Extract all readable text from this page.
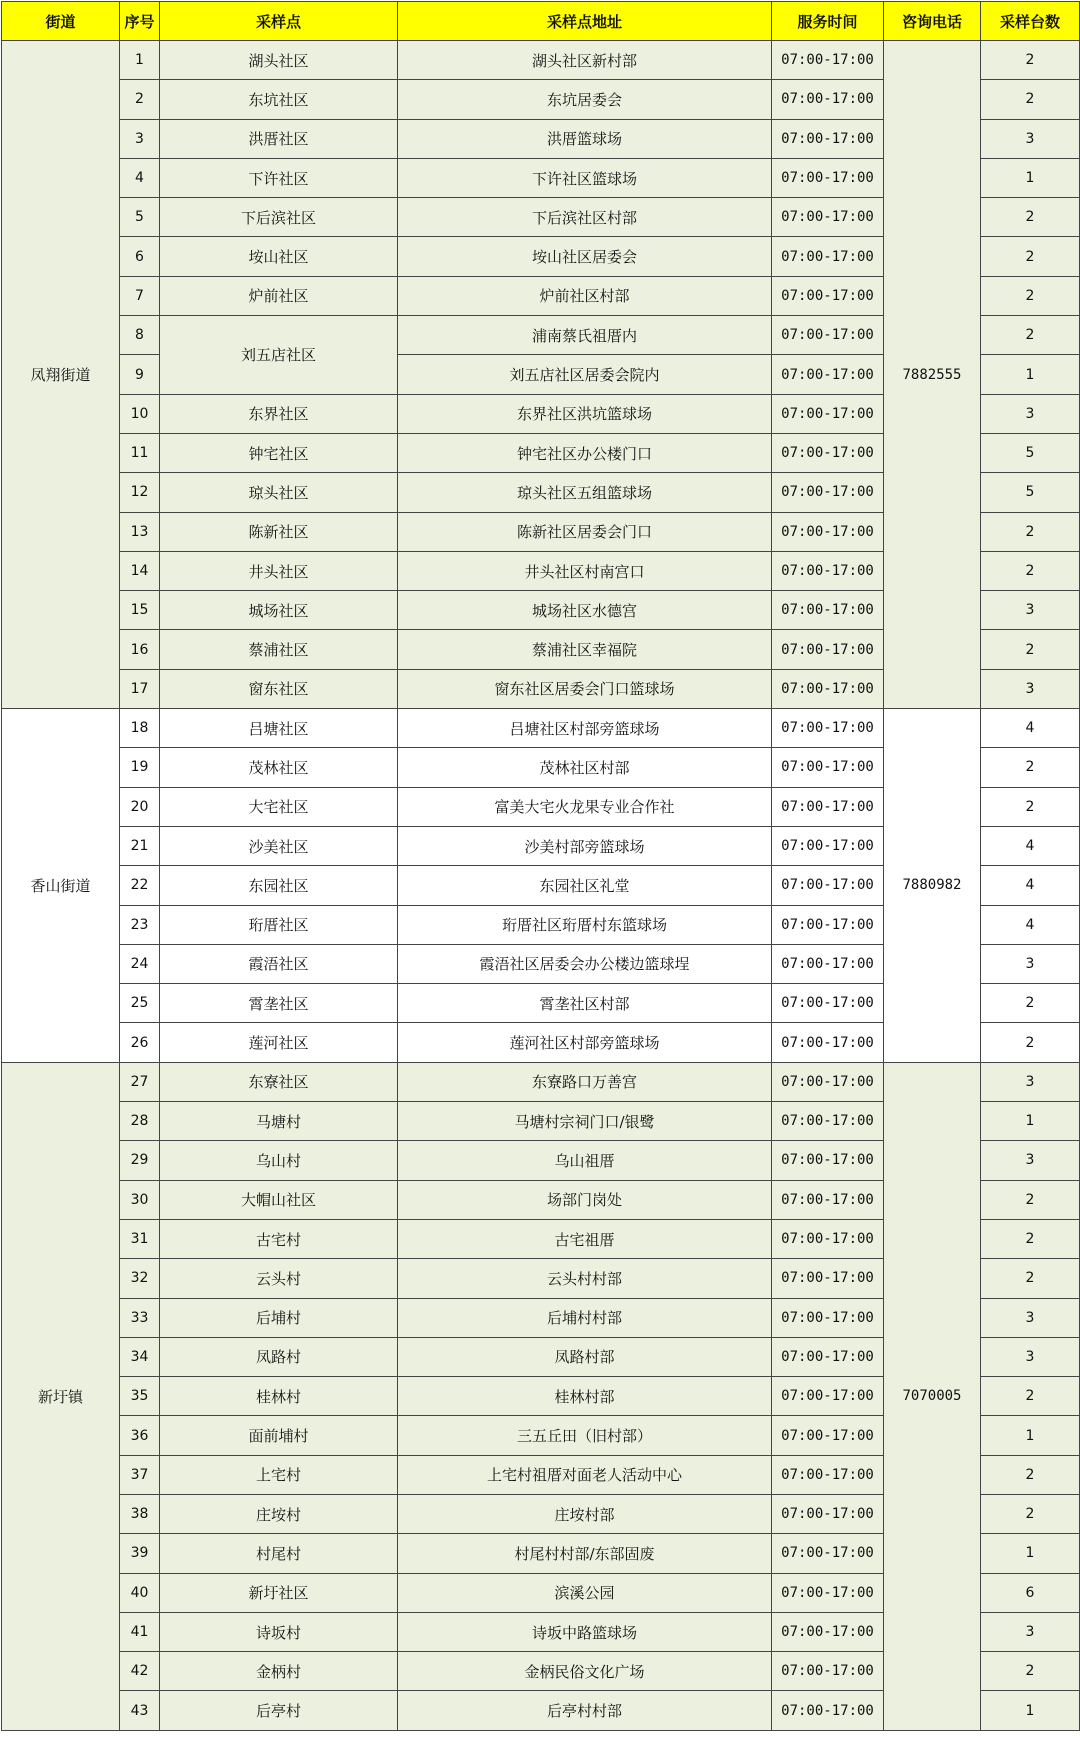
街道	序号	采样点	采样点地址	服务时间	咨询电话	采样台数
凤翔街道	1	湖头社区	湖头社区新村部	07:00-17:00	7882555	2
	2	东坑社区	东坑居委会	07:00-17:00		2
	3	洪厝社区	洪厝篮球场	07:00-17:00		3
	4	下许社区	下许社区篮球场	07:00-17:00		1
	5	下后滨社区	下后滨社区村部	07:00-17:00		2
	6	垵山社区	垵山社区居委会	07:00-17:00		2
	7	炉前社区	炉前社区村部	07:00-17:00		2
	8	刘五店社区	浦南蔡氏祖厝内	07:00-17:00		2
	9		刘五店社区居委会院内	07:00-17:00		1
	10	东界社区	东界社区洪坑篮球场	07:00-17:00		3
	11	钟宅社区	钟宅社区办公楼门口	07:00-17:00		5
	12	琼头社区	琼头社区五组篮球场	07:00-17:00		5
	13	陈新社区	陈新社区居委会门口	07:00-17:00		2
	14	井头社区	井头社区村南宫口	07:00-17:00		2
	15	城场社区	城场社区水德宫	07:00-17:00		3
	16	蔡浦社区	蔡浦社区幸福院	07:00-17:00		2
	17	窗东社区	窗东社区居委会门口篮球场	07:00-17:00		3
香山街道	18	吕塘社区	吕塘社区村部旁篮球场	07:00-17:00	7880982	4
	19	茂林社区	茂林社区村部	07:00-17:00		2
	20	大宅社区	富美大宅火龙果专业合作社	07:00-17:00		2
	21	沙美社区	沙美村部旁篮球场	07:00-17:00		4
	22	东园社区	东园社区礼堂	07:00-17:00		4
	23	珩厝社区	珩厝社区珩厝村东篮球场	07:00-17:00		4
	24	霞浯社区	霞浯社区居委会办公楼边篮球埕	07:00-17:00		3
	25	霄垄社区	霄垄社区村部	07:00-17:00		2
	26	莲河社区	莲河社区村部旁篮球场	07:00-17:00		2
新圩镇	27	东寮社区	东寮路口万善宫	07:00-17:00	7070005	3
	28	马塘村	马塘村宗祠门口/银鹭	07:00-17:00		1
	29	乌山村	乌山祖厝	07:00-17:00		3
	30	大帽山社区	场部门岗处	07:00-17:00		2
	31	古宅村	古宅祖厝	07:00-17:00		2
	32	云头村	云头村村部	07:00-17:00		2
	33	后埔村	后埔村村部	07:00-17:00		3
	34	凤路村	凤路村部	07:00-17:00		3
	35	桂林村	桂林村部	07:00-17:00		2
	36	面前埔村	三五丘田（旧村部）	07:00-17:00		1
	37	上宅村	上宅村祖厝对面老人活动中心	07:00-17:00		2
	38	庄垵村	庄垵村部	07:00-17:00		2
	39	村尾村	村尾村村部/东部固废	07:00-17:00		1
	40	新圩社区	滨溪公园	07:00-17:00		6
	41	诗坂村	诗坂中路篮球场	07:00-17:00		3
	42	金柄村	金柄民俗文化广场	07:00-17:00		2
	43	后亭村	后亭村村部	07:00-17:00		1
